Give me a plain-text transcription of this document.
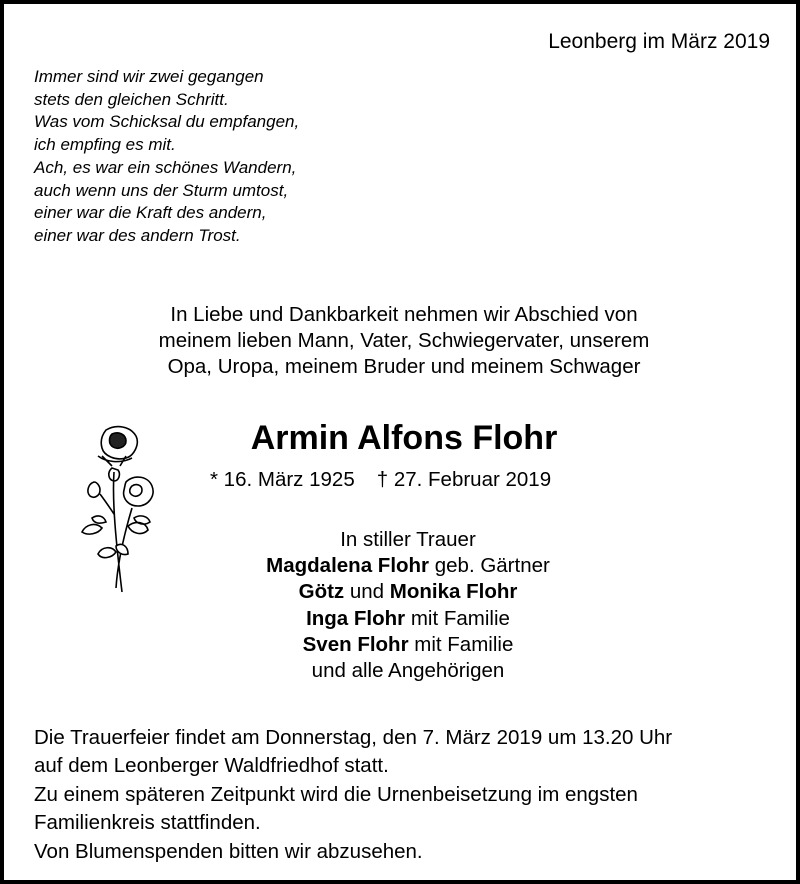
Leonberg im März 2019
Immer sind wir zwei gegangen
stets den gleichen Schritt.
Was vom Schicksal du empfangen,
ich empfing es mit.
Ach, es war ein schönes Wandern,
auch wenn uns der Sturm umtost,
einer war die Kraft des andern,
einer war des andern Trost.
In Liebe und Dankbarkeit nehmen wir Abschied von
meinem lieben Mann, Vater, Schwiegervater, unserem
Opa, Uropa, meinem Bruder und meinem Schwager
Armin Alfons Flohr
* 16. März 1925 † 27. Februar 2019
In stiller Trauer
Magdalena Flohr geb. Gärtner
Götz und Monika Flohr
Inga Flohr mit Familie
Sven Flohr mit Familie
und alle Angehörigen
Die Trauerfeier findet am Donnerstag, den 7. März 2019 um 13.20 Uhr
auf dem Leonberger Waldfriedhof statt.
Zu einem späteren Zeitpunkt wird die Urnenbeisetzung im engsten
Familienkreis stattfinden.
Von Blumenspenden bitten wir abzusehen.
